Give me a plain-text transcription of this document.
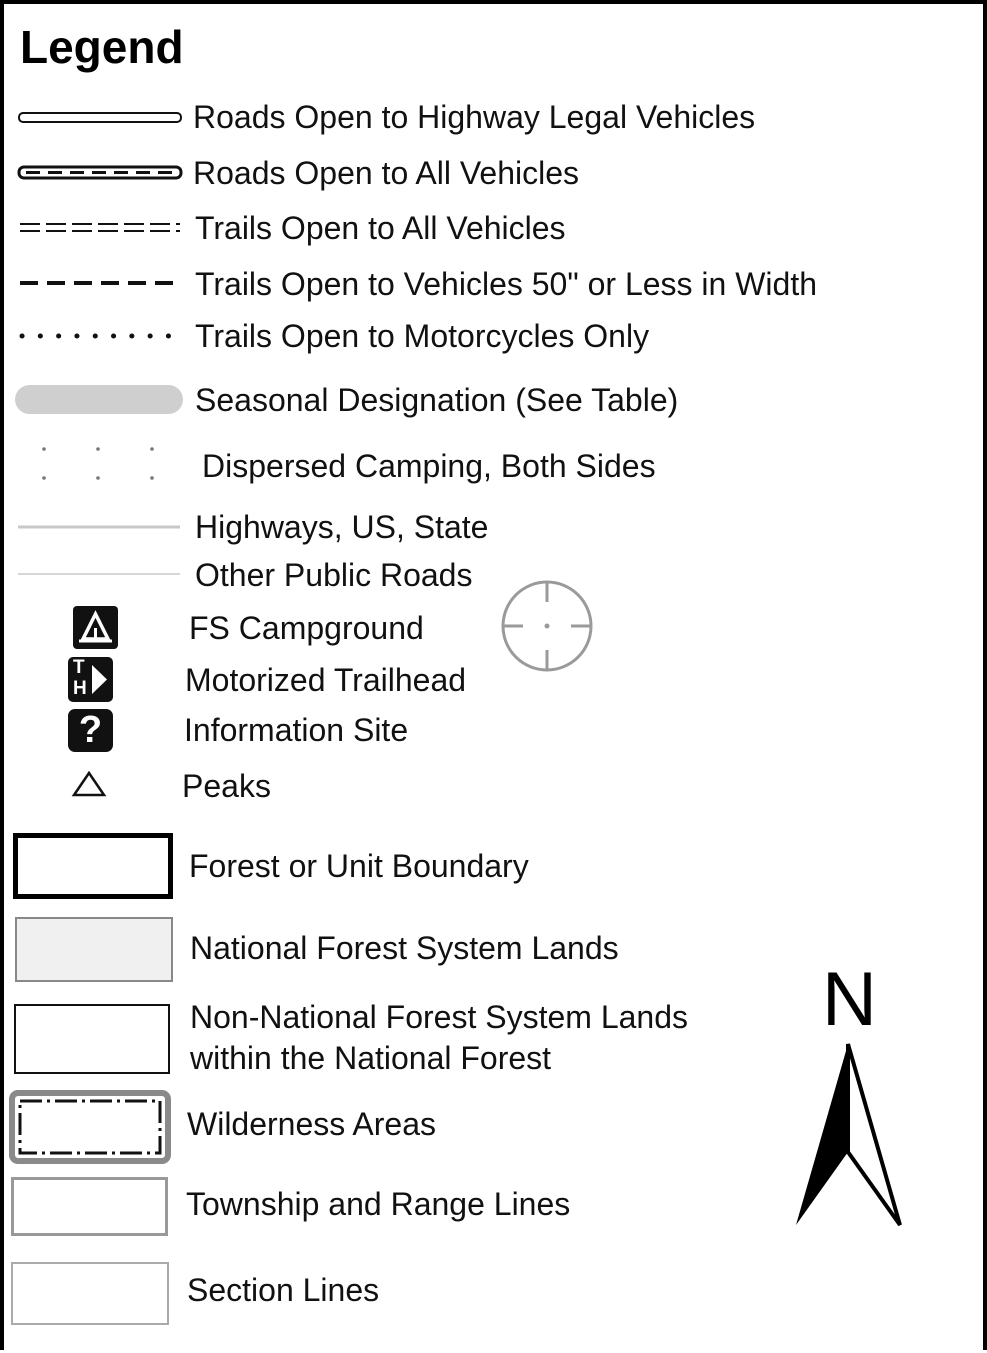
Legend
Roads Open to Highway Legal Vehicles
Roads Open to All Vehicles
Trails Open to All Vehicles
Trails Open to Vehicles 50" or Less in Width
Trails Open to Motorcycles Only
Seasonal Designation (See Table)
Dispersed Camping, Both Sides
Highways, US, State
Other Public Roads
FS Campground
T
H	Motorized Trailhead
?	Information Site
Peaks
Forest or Unit Boundary
National Forest System Lands
Non-National Forest System Lands
within the National Forest
Wilderness Areas
Township and Range Lines
Section Lines
N
